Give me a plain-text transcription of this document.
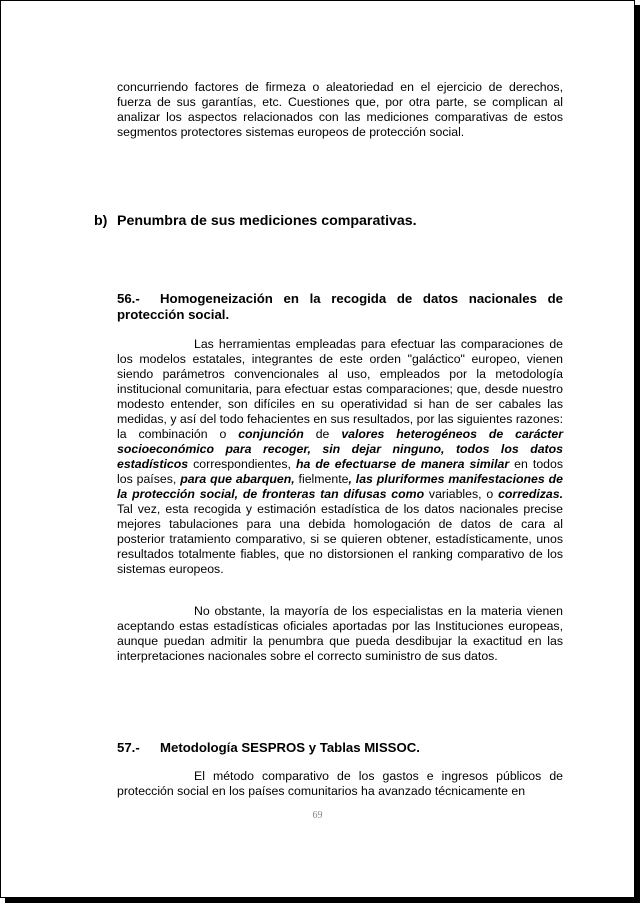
concurriendo factores de firmeza o aleatoriedad en el ejercicio de derechos, fuerza de sus garantías, etc. Cuestiones que, por otra parte, se complican al analizar los aspectos relacionados con las mediciones comparativas de estos segmentos protectores sistemas europeos de protección social.

b) Penumbra de sus mediciones comparativas.
56.- Homogeneización en la recogida de datos nacionales de protección social.

Las herramientas empleadas para efectuar las comparaciones de los modelos estatales, integrantes de este orden "galáctico" europeo, vienen siendo parámetros convencionales al uso, empleados por la metodología institucional comunitaria, para efectuar estas comparaciones; que, desde nuestro modesto entender, son difíciles en su operatividad si han de ser cabales las medidas, y así del todo fehacientes en sus resultados, por las siguientes razones: la combinación o conjunción de valores heterogéneos de carácter socioeconómico para recoger, sin dejar ninguno, todos los datos estadísticos correspondientes, ha de efectuarse de manera similar en todos los países, para que abarquen, fielmente, las pluriformes manifestaciones de la protección social, de fronteras tan difusas como variables, o corredizas. Tal vez, esta recogida y estimación estadística de los datos nacionales precise mejores tabulaciones para una debida homologación de datos de cara al posterior tratamiento comparativo, si se quieren obtener, estadísticamente, unos resultados totalmente fiables, que no distorsionen el ranking comparativo de los sistemas europeos.

No obstante, la mayoría de los especialistas en la materia vienen aceptando estas estadísticas oficiales aportadas por las Instituciones europeas, aunque puedan admitir la penumbra que pueda desdibujar la exactitud en las interpretaciones nacionales sobre el correcto suministro de sus datos.

57.- Metodología SESPROS y Tablas MISSOC.

El método comparativo de los gastos e ingresos públicos de protección social en los países comunitarios ha avanzado técnicamente en

69
